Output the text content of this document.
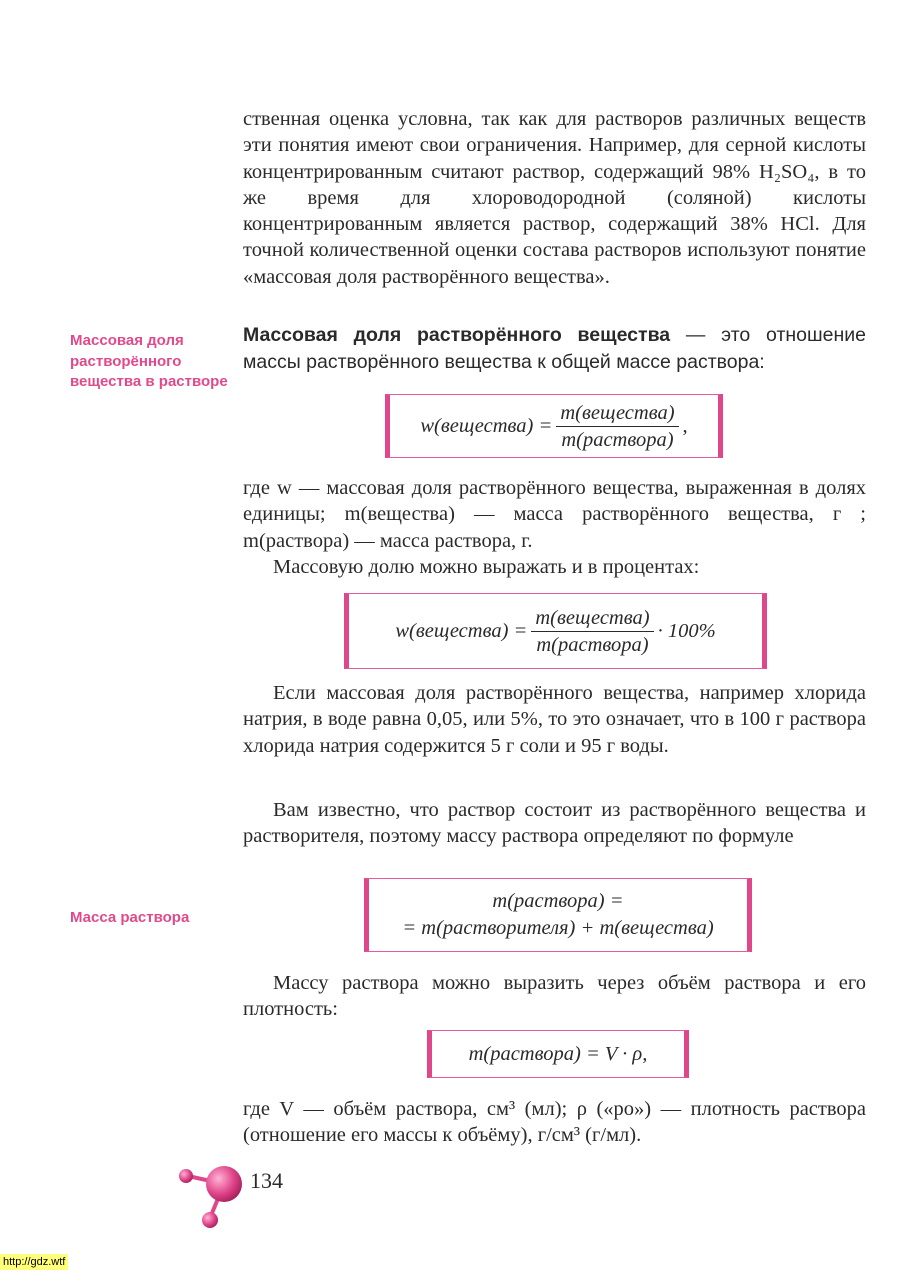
ственная оценка условна, так как для растворов различных веществ эти понятия имеют свои ограничения. Например, для серной кислоты концентрированным считают раствор, содержащий 98% H₂SO₄, в то же время для хлороводородной (соляной) кислоты концентрированным является раствор, содержащий 38% HCl. Для точной количественной оценки состава растворов используют понятие «массовая доля растворённого вещества».

Массовая доля растворённого вещества в растворе

Массовая доля растворённого вещества — это отношение массы растворённого вещества к общей массе раствора:

w(вещества) = $\frac{\text{m(вещества)}}{\text{m(раствора)}}$ ,

где w — массовая доля растворённого вещества, выраженная в долях единицы; m(вещества) — масса растворённого вещества, г ; m(раствора) — масса раствора, г.

Массовую долю можно выражать и в процентах:

w(вещества) = $\frac{\text{m(вещества)}}{\text{m(раствора)}} \cdot 100\%$

Если массовая доля растворённого вещества, например хлорида натрия, в воде равна 0,05, или 5%, то это означает, что в 100 г раствора хлорида натрия содержится 5 г соли и 95 г воды.

Вам известно, что раствор состоит из растворённого вещества и растворителя, поэтому массу раствора определяют по формуле

Масса раствора
m(раствора) =
= m(растворителя) + m(вещества)

Массу раствора можно выразить через объём раствора и его плотность:

m(раствора) = V · ρ,

где V — объём раствора, см³ (мл); ρ («ро») — плотность раствора (отношение его массы к объёму), г/см³ (г/мл).

134
http://gdz.wtf
